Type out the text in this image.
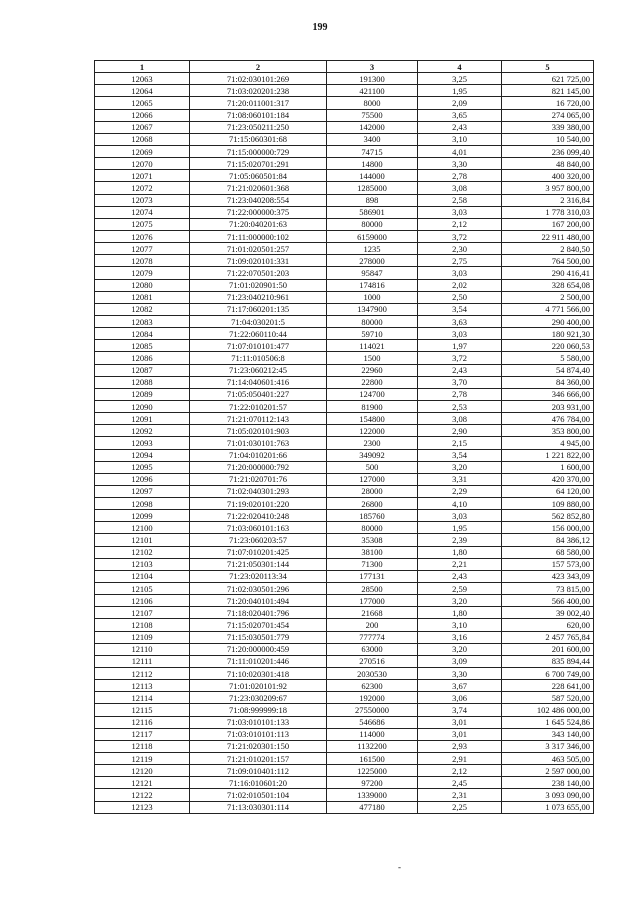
199
1	2	3	4	5
12063	71:02:030101:269	191300	3,25	621 725,00
12064	71:03:020201:238	421100	1,95	821 145,00
12065	71:20:011001:317	8000	2,09	16 720,00
12066	71:08:060101:184	75500	3,65	274 065,00
12067	71:23:050211:250	142000	2,43	339 380,00
12068	71:15:060301:68	3400	3,10	10 540,00
12069	71:15:000000:729	74715	4,01	236 099,40
12070	71:15:020701:291	14800	3,30	48 840,00
12071	71:05:060501:84	144000	2,78	400 320,00
12072	71:21:020601:368	1285000	3,08	3 957 800,00
12073	71:23:040208:554	898	2,58	2 316,84
12074	71:22:000000:375	586901	3,03	1 778 310,03
12075	71:20:040201:63	80000	2,12	167 200,00
12076	71:11:000000:102	6159000	3,72	22 911 480,00
12077	71:01:020501:257	1235	2,30	2 840,50
12078	71:09:020101:331	278000	2,75	764 500,00
12079	71:22:070501:203	95847	3,03	290 416,41
12080	71:01:020901:50	174816	2,02	328 654,08
12081	71:23:040210:961	1000	2,50	2 500,00
12082	71:17:060201:135	1347900	3,54	4 771 566,00
12083	71:04:030201:5	80000	3,63	290 400,00
12084	71:22:060110:44	59710	3,03	180 921,30
12085	71:07:010101:477	114021	1,97	220 060,53
12086	71:11:010506:8	1500	3,72	5 580,00
12087	71:23:060212:45	22960	2,43	54 874,40
12088	71:14:040601:416	22800	3,70	84 360,00
12089	71:05:050401:227	124700	2,78	346 666,00
12090	71:22:010201:57	81900	2,53	203 931,00
12091	71:21:070112:143	154800	3,08	476 784,00
12092	71:05:020101:903	122000	2,90	353 800,00
12093	71:01:030101:763	2300	2,15	4 945,00
12094	71:04:010201:66	349092	3,54	1 221 822,00
12095	71:20:000000:792	500	3,20	1 600,00
12096	71:21:020701:76	127000	3,31	420 370,00
12097	71:02:040301:293	28000	2,29	64 120,00
12098	71:19:020101:220	26800	4,10	109 880,00
12099	71:22:020410:248	185760	3,03	562 852,80
12100	71:03:060101:163	80000	1,95	156 000,00
12101	71:23:060203:57	35308	2,39	84 386,12
12102	71:07:010201:425	38100	1,80	68 580,00
12103	71:21:050301:144	71300	2,21	157 573,00
12104	71:23:020113:34	177131	2,43	423 343,09
12105	71:02:030501:296	28500	2,59	73 815,00
12106	71:20:040101:494	177000	3,20	566 400,00
12107	71:18:020401:796	21668	1,80	39 002,40
12108	71:15:020701:454	200	3,10	620,00
12109	71:15:030501:779	777774	3,16	2 457 765,84
12110	71:20:000000:459	63000	3,20	201 600,00
12111	71:11:010201:446	270516	3,09	835 894,44
12112	71:10:020301:418	2030530	3,30	6 700 749,00
12113	71:01:020101:92	62300	3,67	228 641,00
12114	71:23:030209:67	192000	3,06	587 520,00
12115	71:08:999999:18	27550000	3,74	102 486 000,00
12116	71:03:010101:133	546686	3,01	1 645 524,86
12117	71:03:010101:113	114000	3,01	343 140,00
12118	71:21:020301:150	1132200	2,93	3 317 346,00
12119	71:21:010201:157	161500	2,91	463 505,00
12120	71:09:010401:112	1225000	2,12	2 597 000,00
12121	71:16:010601:20	97200	2,45	238 140,00
12122	71:02:010501:104	1339000	2,31	3 093 090,00
12123	71:13:030301:114	477180	2,25	1 073 655,00
-
